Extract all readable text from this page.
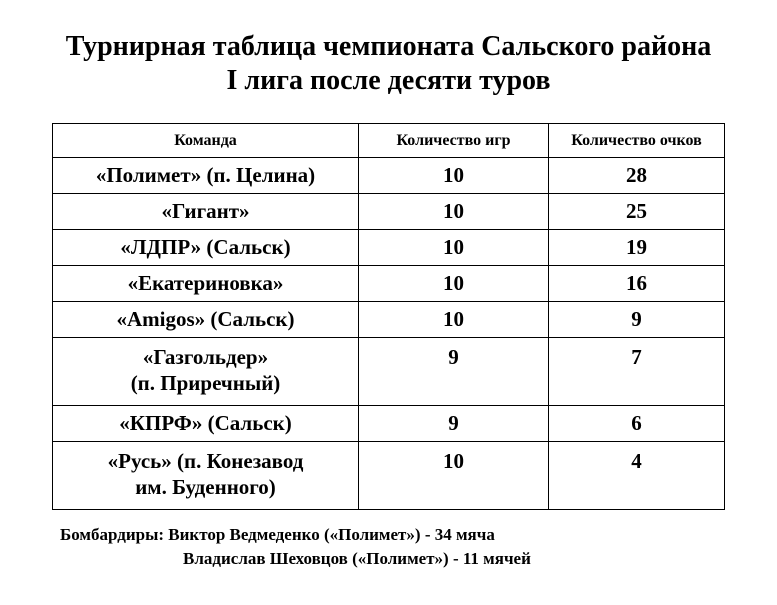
Турнирная таблица чемпионата Сальского района
I лига после десяти туров
Команда	Количество игр	Количество очков
«Полимет» (п. Целина)	10	28
«Гигант»	10	25
«ЛДПР» (Сальск)	10	19
«Екатериновка»	10	16
«Amigos» (Сальск)	10	9

«Газгольдер»
(п. Приречный)	9	7
«КПРФ» (Сальск)	9	6

«Русь» (п. Конезавод
им. Буденного)	10	4
Бомбардиры: Виктор Ведмеденко («Полимет») - 34 мяча
Владислав Шеховцов («Полимет») - 11 мячей
